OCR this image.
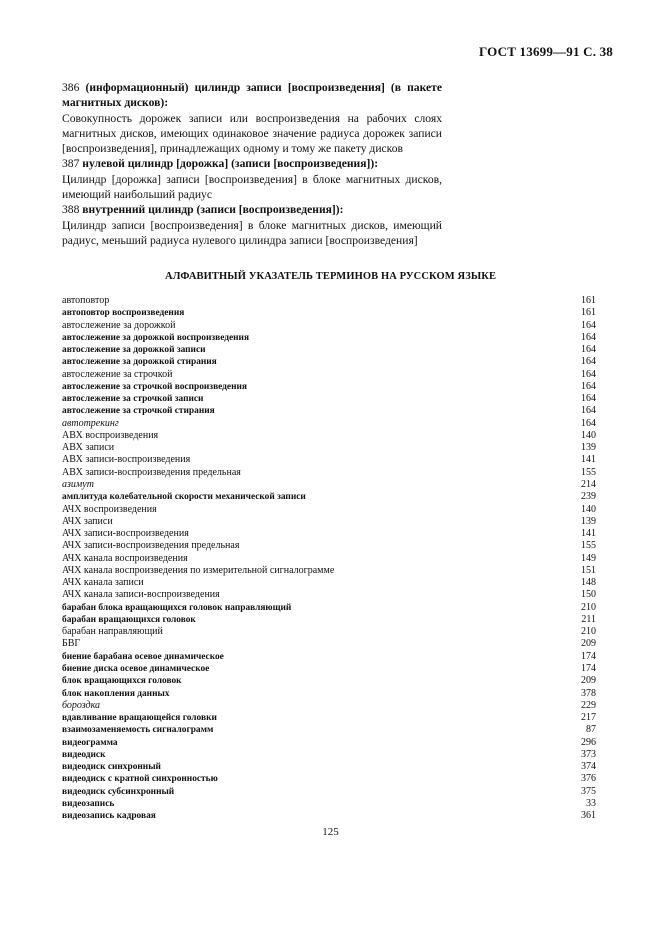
ГОСТ 13699—91 С. 38

386 (информационный) цилиндр записи [воспроизведения] (в пакете магнитных дисков):

Совокупность дорожек записи или воспроизведения на рабочих слоях магнитных дисков, имеющих одинаковое значение радиуса дорожек записи [воспроизведения], принадлежащих одному и тому же пакету дисков

387 нулевой цилиндр [дорожка] (записи [воспроизведения]):

Цилиндр [дорожка] записи [воспроизведения] в блоке магнитных дисков, имеющий наибольший радиус

388 внутренний цилиндр (записи [воспроизведения]):

Цилиндр записи [воспроизведения] в блоке магнитных дисков, имеющий радиус, меньший радиуса нулевого цилиндра записи [воспроизведения]

АЛФАВИТНЫЙ УКАЗАТЕЛЬ ТЕРМИНОВ НА РУССКОМ ЯЗЫКЕ
автоповтор	161
автоповтор воспроизведения	161
автослежение за дорожкой	164
автослежение за дорожкой воспроизведения	164
автослежение за дорожкой записи	164
автослежение за дорожкой стирания	164
автослежение за строчкой	164
автослежение за строчкой воспроизведения	164
автослежение за строчкой записи	164
автослежение за строчкой стирания	164
автотрекинг	164
АВХ воспроизведения	140
АВХ записи	139
АВХ записи-воспроизведения	141
АВХ записи-воспроизведения предельная	155
азимут	214
амплитуда колебательной скорости механической записи	239
АЧХ воспроизведения	140
АЧХ записи	139
АЧХ записи-воспроизведения	141
АЧХ записи-воспроизведения предельная	155
АЧХ канала воспроизведения	149
АЧХ канала воспроизведения по измерительной сигналограмме	151
АЧХ канала записи	148
АЧХ канала записи-воспроизведения	150
барабан блока вращающихся головок направляющий	210
барабан вращающихся головок	211
барабан направляющий	210
БВГ	209
биение барабана осевое динамическое	174
биение диска осевое динамическое	174
блок вращающихся головок	209
блок накопления данных	378
бороздка	229
вдавливание вращающейся головки	217
взаимозаменяемость сигналограмм	87
видеограмма	296
видеодиск	373
видеодиск синхронный	374
видеодиск с кратной синхронностью	376
видеодиск субсинхронный	375
видеозапись	33
видеозапись кадровая	361
125
